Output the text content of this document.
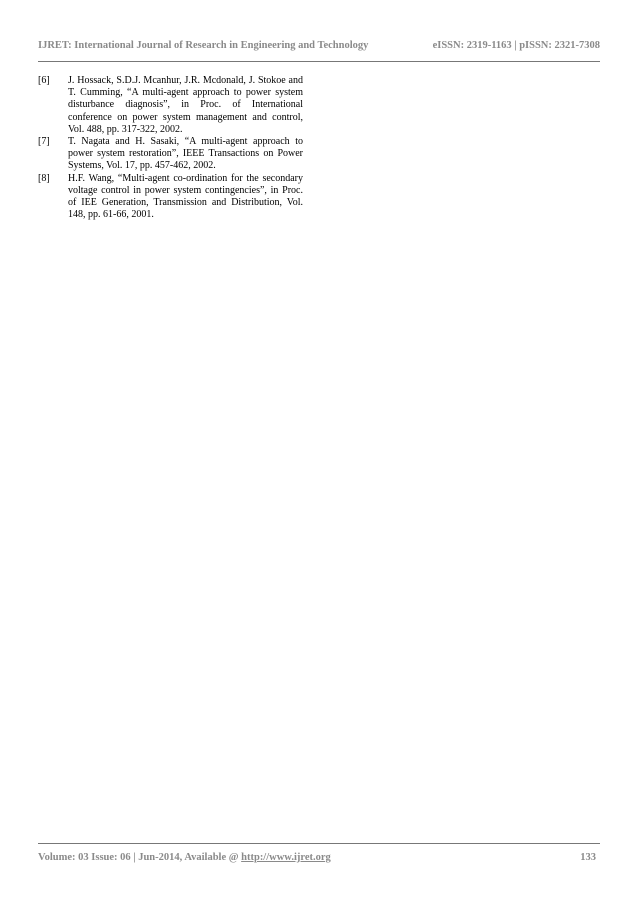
IJRET: International Journal of Research in Engineering and Technology	eISSN: 2319-1163 | pISSN: 2321-7308
[6]	J. Hossack, S.D.J. Mcanhur, J.R. Mcdonald, J. Stokoe and T. Cumming, “A multi-agent approach to power system disturbance diagnosis”, in Proc. of International conference on power system management and control, Vol. 488, pp. 317-322, 2002.
[7]	T. Nagata and H. Sasaki, “A multi-agent approach to power system restoration”, IEEE Transactions on Power Systems, Vol. 17, pp. 457-462, 2002.
[8]	H.F. Wang, “Multi-agent co-ordination for the secondary voltage control in power system contingencies”, in Proc. of IEE Generation, Transmission and Distribution, Vol. 148, pp. 61-66, 2001.
Volume: 03 Issue: 06 | Jun-2014, Available @ http://www.ijret.org	133
